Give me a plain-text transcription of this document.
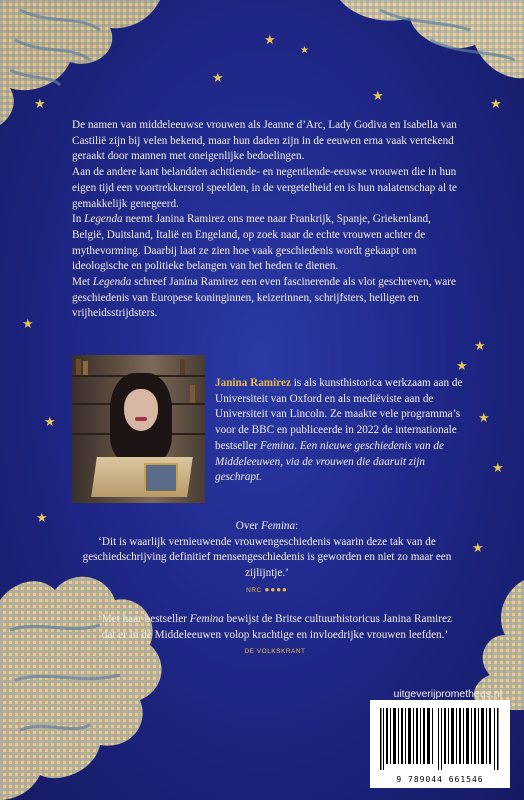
★
★
★
★
★
★
★
★
★	★
★
★
★
★

De namen van middeleeuwse vrouwen als Jeanne d’Arc, Lady Godiva en Isabella van Castilië zijn bij velen bekend, maar hun daden zijn in de eeuwen erna vaak vertekend geraakt door mannen met oneigenlijke bedoelingen.

Aan de andere kant belandden achttiende- en negentiende-eeuwse vrouwen die in hun eigen tijd een voortrekkersrol speelden, in de vergetelheid en is hun nalatenschap al te gemakkelijk genegeerd.

In Legenda neemt Janina Ramirez ons mee naar Frankrijk, Spanje, Griekenland, België, Duitsland, Italië en Engeland, op zoek naar de echte vrouwen achter de mythevorming. Daarbij laat ze zien hoe vaak geschiedenis wordt gekaapt om ideologische en politieke belangen van het heden te dienen.

Met Legenda schreef Janina Ramirez een even fascinerende als vlot geschreven, ware geschiedenis van Europese koninginnen, keizerinnen, schrijfsters, heiligen en vrijheidsstrijdsters.

Janina Ramirez is als kunsthistorica werkzaam aan de Universiteit van Oxford en als mediëviste aan de Universiteit van Lincoln. Ze maakte vele programma’s voor de BBC en publiceerde in 2022 de internationale bestseller Femina. Een nieuwe geschiedenis van de Middeleeuwen, via de vrouwen die daaruit zijn geschrapt.

Over Femina:

‘Dit is waarlijk vernieuwende vrouwengeschiedenis waarin deze tak van de geschiedschrijving definitief mensengeschiedenis is geworden en niet zo maar een zijlijntje.’

NRC ●●●●

‘Met haar bestseller Femina bewijst de Britse cultuurhistoricus Janina Ramirez dat er in de Middeleeuwen volop krachtige en invloedrijke vrouwen leefden.’

DE VOLKSKRANT

uitgeverijprometheus.nl
9 789044 661546
